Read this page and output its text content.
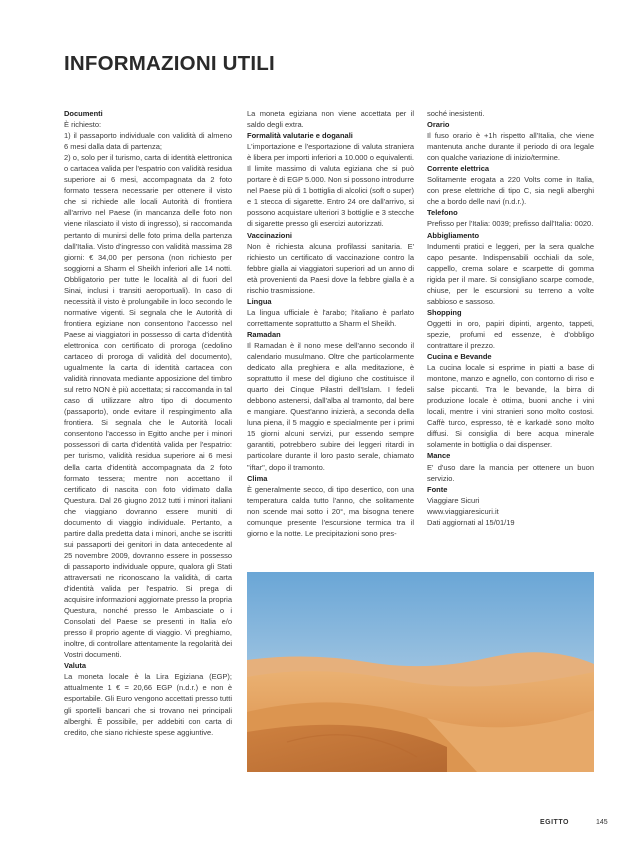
INFORMAZIONI UTILI
Documenti
È richiesto:
1) il passaporto individuale con validità di almeno 6 mesi dalla data di partenza;
2) o, solo per il turismo, carta di identità elettronica o cartacea valida per l'espatrio con validità residua superiore ai 6 mesi, accompagnata da 2 foto formato tessera necessarie per ottenere il visto che si richiede alle locali Autorità di frontiera all'arrivo nel Paese (in mancanza delle foto non viene rilasciato il visto di ingresso), si raccomanda pertanto di munirsi delle foto prima della partenza dall'Italia. Visto d'ingresso con validità massima 28 giorni: € 34,00 per persona (non richiesto per soggiorni a Sharm el Sheikh inferiori alle 14 notti. Obbligatorio per tutte le località al di fuori del Sinai, inclusi i transiti aeroportuali). In caso di necessità il visto è prolungabile in loco secondo le normative vigenti. Si segnala che le Autorità di frontiera egiziane non consentono l'accesso nel Paese ai viaggiatori in possesso di carta d'identità elettronica con certificato di proroga (cedolino cartaceo di proroga di validità del documento), ugualmente la carta di identità cartacea con validità rinnovata mediante apposizione del timbro sul retro NON è più accettata; si raccomanda in tal caso di utilizzare altro tipo di documento (passaporto), onde evitare il respingimento alla frontiera. Si segnala che le Autorità locali consentono l'accesso in Egitto anche per i minori possessori di carta d'identità valida per l'espatrio: per turismo, validità residua superiore ai 6 mesi della carta d'identità accompagnata da 2 foto formato tessera; mentre non accettano il certificato di nascita con foto vidimato dalla Questura. Dal 26 giugno 2012 tutti i minori italiani che viaggiano dovranno essere muniti di documento di viaggio individuale. Pertanto, a partire dalla predetta data i minori, anche se iscritti sui passaporti dei genitori in data antecedente al 25 novembre 2009, dovranno essere in possesso di passaporto individuale oppure, qualora gli Stati attraversati ne riconoscano la validità, di carta d'identità valida per l'espatrio. Si prega di acquisire informazioni aggiornate presso la propria Questura, nonché presso le Ambasciate o i Consolati del Paese se presenti in Italia e/o presso il proprio agente di viaggio. Vi preghiamo, inoltre, di controllare attentamente la regolarità dei Vostri documenti.
Valuta
La moneta locale è la Lira Egiziana (EGP); attualmente 1 € = 20,66 EGP (n.d.r.) e non è esportabile. Gli Euro vengono accettati presso tutti gli sportelli bancari che si trovano nei principali alberghi. È possibile, per addebiti con carta di credito, che siano richieste spese aggiuntive.
La moneta egiziana non viene accettata per il saldo degli extra.
Formalità valutarie e doganali
L'importazione e l'esportazione di valuta straniera è libera per importi inferiori a 10.000 o equivalenti. Il limite massimo di valuta egiziana che si può portare è di EGP 5.000. Non si possono introdurre nel Paese più di 1 bottiglia di alcolici (soft o super) e 1 stecca di sigarette. Entro 24 ore dall'arrivo, si possono acquistare ulteriori 3 bottiglie e 3 stecche di sigarette presso gli esercizi autorizzati.
Vaccinazioni
Non è richiesta alcuna profilassi sanitaria. E' richiesto un certificato di vaccinazione contro la febbre gialla ai viaggiatori superiori ad un anno di età provenienti da Paesi dove la febbre gialla è a rischio trasmissione.
Lingua
La lingua ufficiale è l'arabo; l'italiano è parlato correttamente soprattutto a Sharm el Sheikh.
Ramadan
Il Ramadan è il nono mese dell'anno secondo il calendario musulmano. Oltre che particolarmente dedicato alla preghiera e alla meditazione, è soprattutto il mese del digiuno che costituisce il quarto dei Cinque Pilastri dell'Islam. I fedeli debbono astenersi, dall'alba al tramonto, dal bere e mangiare. Quest'anno inizierà, a seconda della luna piena, il 5 maggio e specialmente per i primi 15 giorni alcuni servizi, pur essendo sempre garantiti, potrebbero subire dei leggeri ritardi in particolare durante il loro pasto serale, chiamato "iftar", dopo il tramonto.
Clima
È generalmente secco, di tipo desertico, con una temperatura calda tutto l'anno, che solitamente non scende mai sotto i 20°, ma bisogna tenere comunque presente l'escursione termica tra il giorno e la notte. Le precipitazioni sono pres-
soché inesistenti.
Orario
Il fuso orario è +1h rispetto all'Italia, che viene mantenuta anche durante il periodo di ora legale con qualche variazione di inizio/termine.
Corrente elettrica
Solitamente erogata a 220 Volts come in Italia, con prese elettriche di tipo C, sia negli alberghi che a bordo delle navi (n.d.r.).
Telefono
Prefisso per l'Italia: 0039; prefisso dall'Italia: 0020.
Abbigliamento
Indumenti pratici e leggeri, per la sera qualche capo pesante. Indispensabili occhiali da sole, cappello, crema solare e scarpette di gomma rigida per il mare. Si consigliano scarpe comode, chiuse, per le escursioni su terreno a volte sabbioso e sassoso.
Shopping
Oggetti in oro, papiri dipinti, argento, tappeti, spezie, profumi ed essenze, è d'obbligo contrattare il prezzo.
Cucina e Bevande
La cucina locale si esprime in piatti a base di montone, manzo e agnello, con contorno di riso e salse piccanti. Tra le bevande, la birra di produzione locale è ottima, buoni anche i vini locali, mentre i vini stranieri sono molto costosi. Caffè turco, espresso, tè e karkadè sono molto diffusi. Si consiglia di bere acqua minerale solamente in bottiglia o dai dispenser.
Mance
E' d'uso dare la mancia per ottenere un buon servizio.
Fonte
Viaggiare Sicuri
www.viaggiaresicuri.it
Dati aggiornati al 15/01/19
EGITTO	145
